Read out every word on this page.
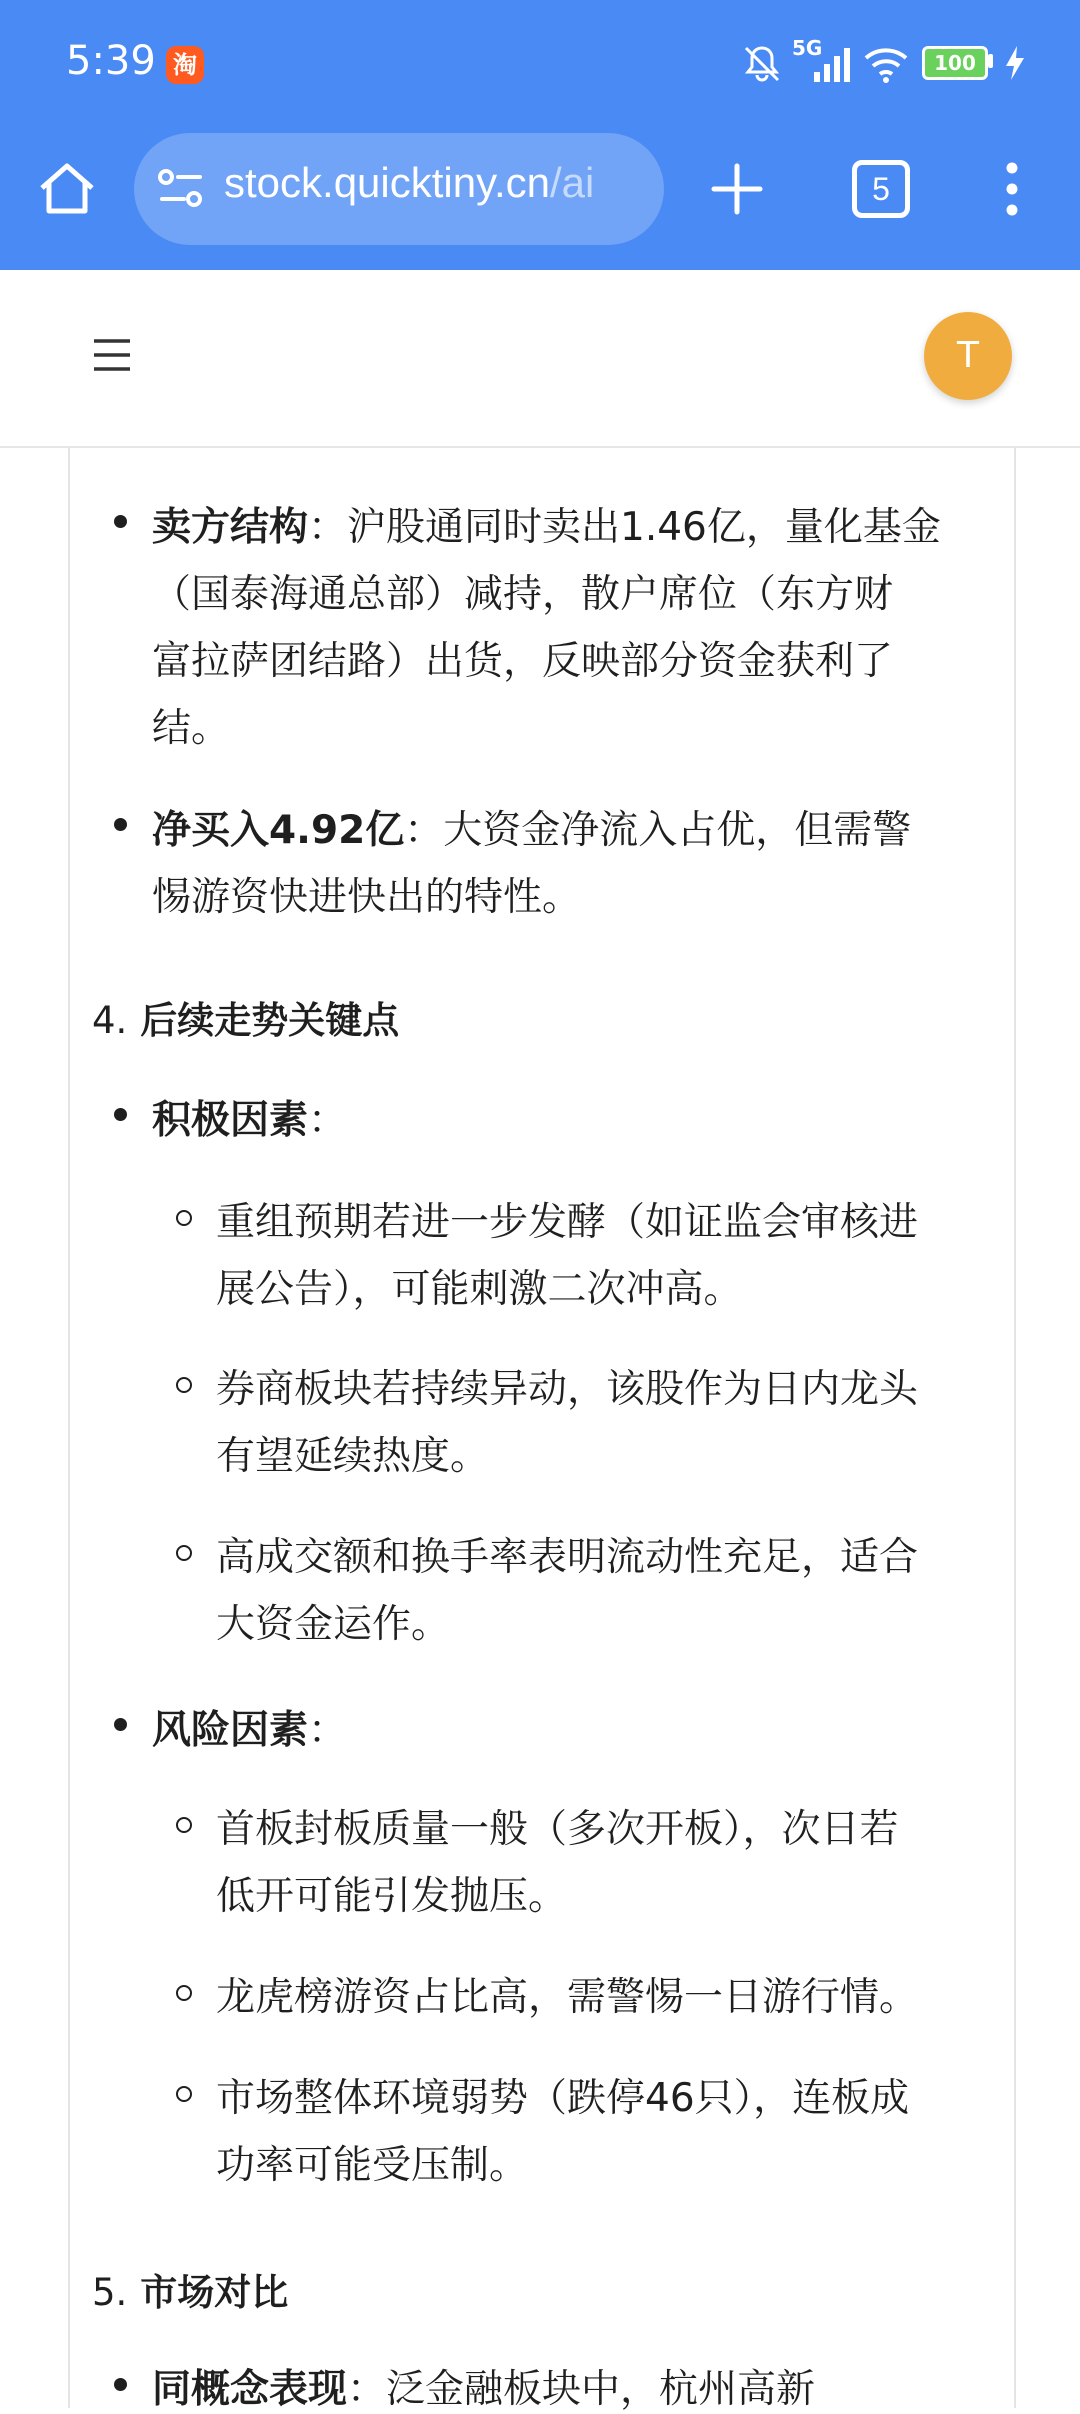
5:39 淘
5G
100
stock.quicktiny.cn/ai	5
T
卖方结构：沪股通同时卖出1.46亿，量化基金
（国泰海通总部）减持，散户席位（东方财
富拉萨团结路）出货，反映部分资金获利了
结。
净买入4.92亿：大资金净流入占优，但需警
惕游资快进快出的特性。
4. 后续走势关键点
积极因素：
重组预期若进一步发酵（如证监会审核进
展公告），可能刺激二次冲高。
券商板块若持续异动，该股作为日内龙头
有望延续热度。
高成交额和换手率表明流动性充足，适合
大资金运作。
风险因素：
首板封板质量一般（多次开板），次日若
低开可能引发抛压。
龙虎榜游资占比高，需警惕一日游行情。
市场整体环境弱势（跌停46只），连板成
功率可能受压制。
5. 市场对比
同概念表现：泛金融板块中，杭州高新
